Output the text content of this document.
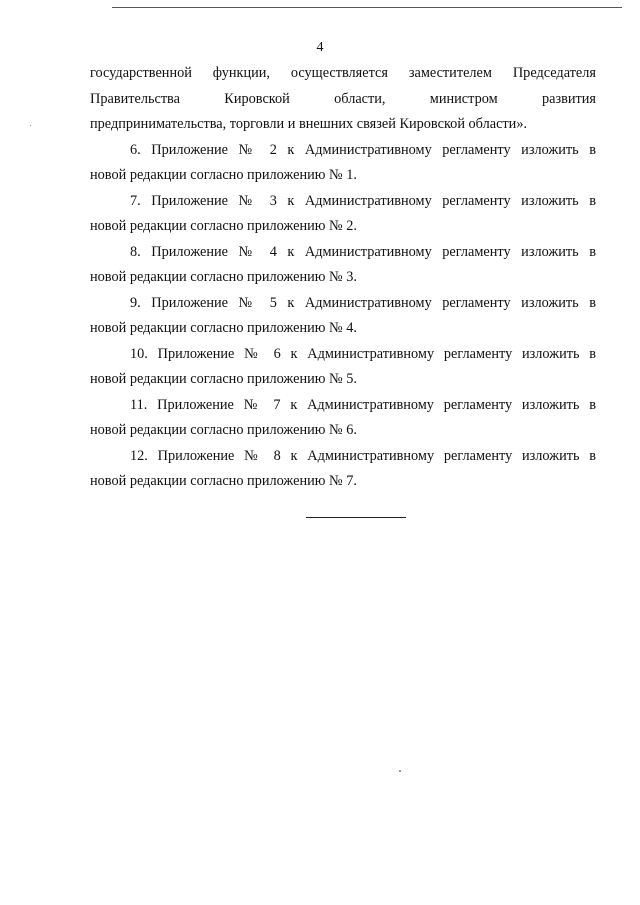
4
государственной функции, осуществляется заместителем Председателя
Правительства Кировской области, министром развития
предпринимательства, торговли и внешних связей Кировской области».
6. Приложение № 2 к Административному регламенту изложить в
новой редакции согласно приложению № 1.
7. Приложение № 3 к Административному регламенту изложить в
новой редакции согласно приложению № 2.
8. Приложение № 4 к Административному регламенту изложить в
новой редакции согласно приложению № 3.
9. Приложение № 5 к Административному регламенту изложить в
новой редакции согласно приложению № 4.
10. Приложение № 6 к Административному регламенту изложить в
новой редакции согласно приложению № 5.
11. Приложение № 7 к Административному регламенту изложить в
новой редакции согласно приложению № 6.
12. Приложение № 8 к Административному регламенту изложить в
новой редакции согласно приложению № 7.
